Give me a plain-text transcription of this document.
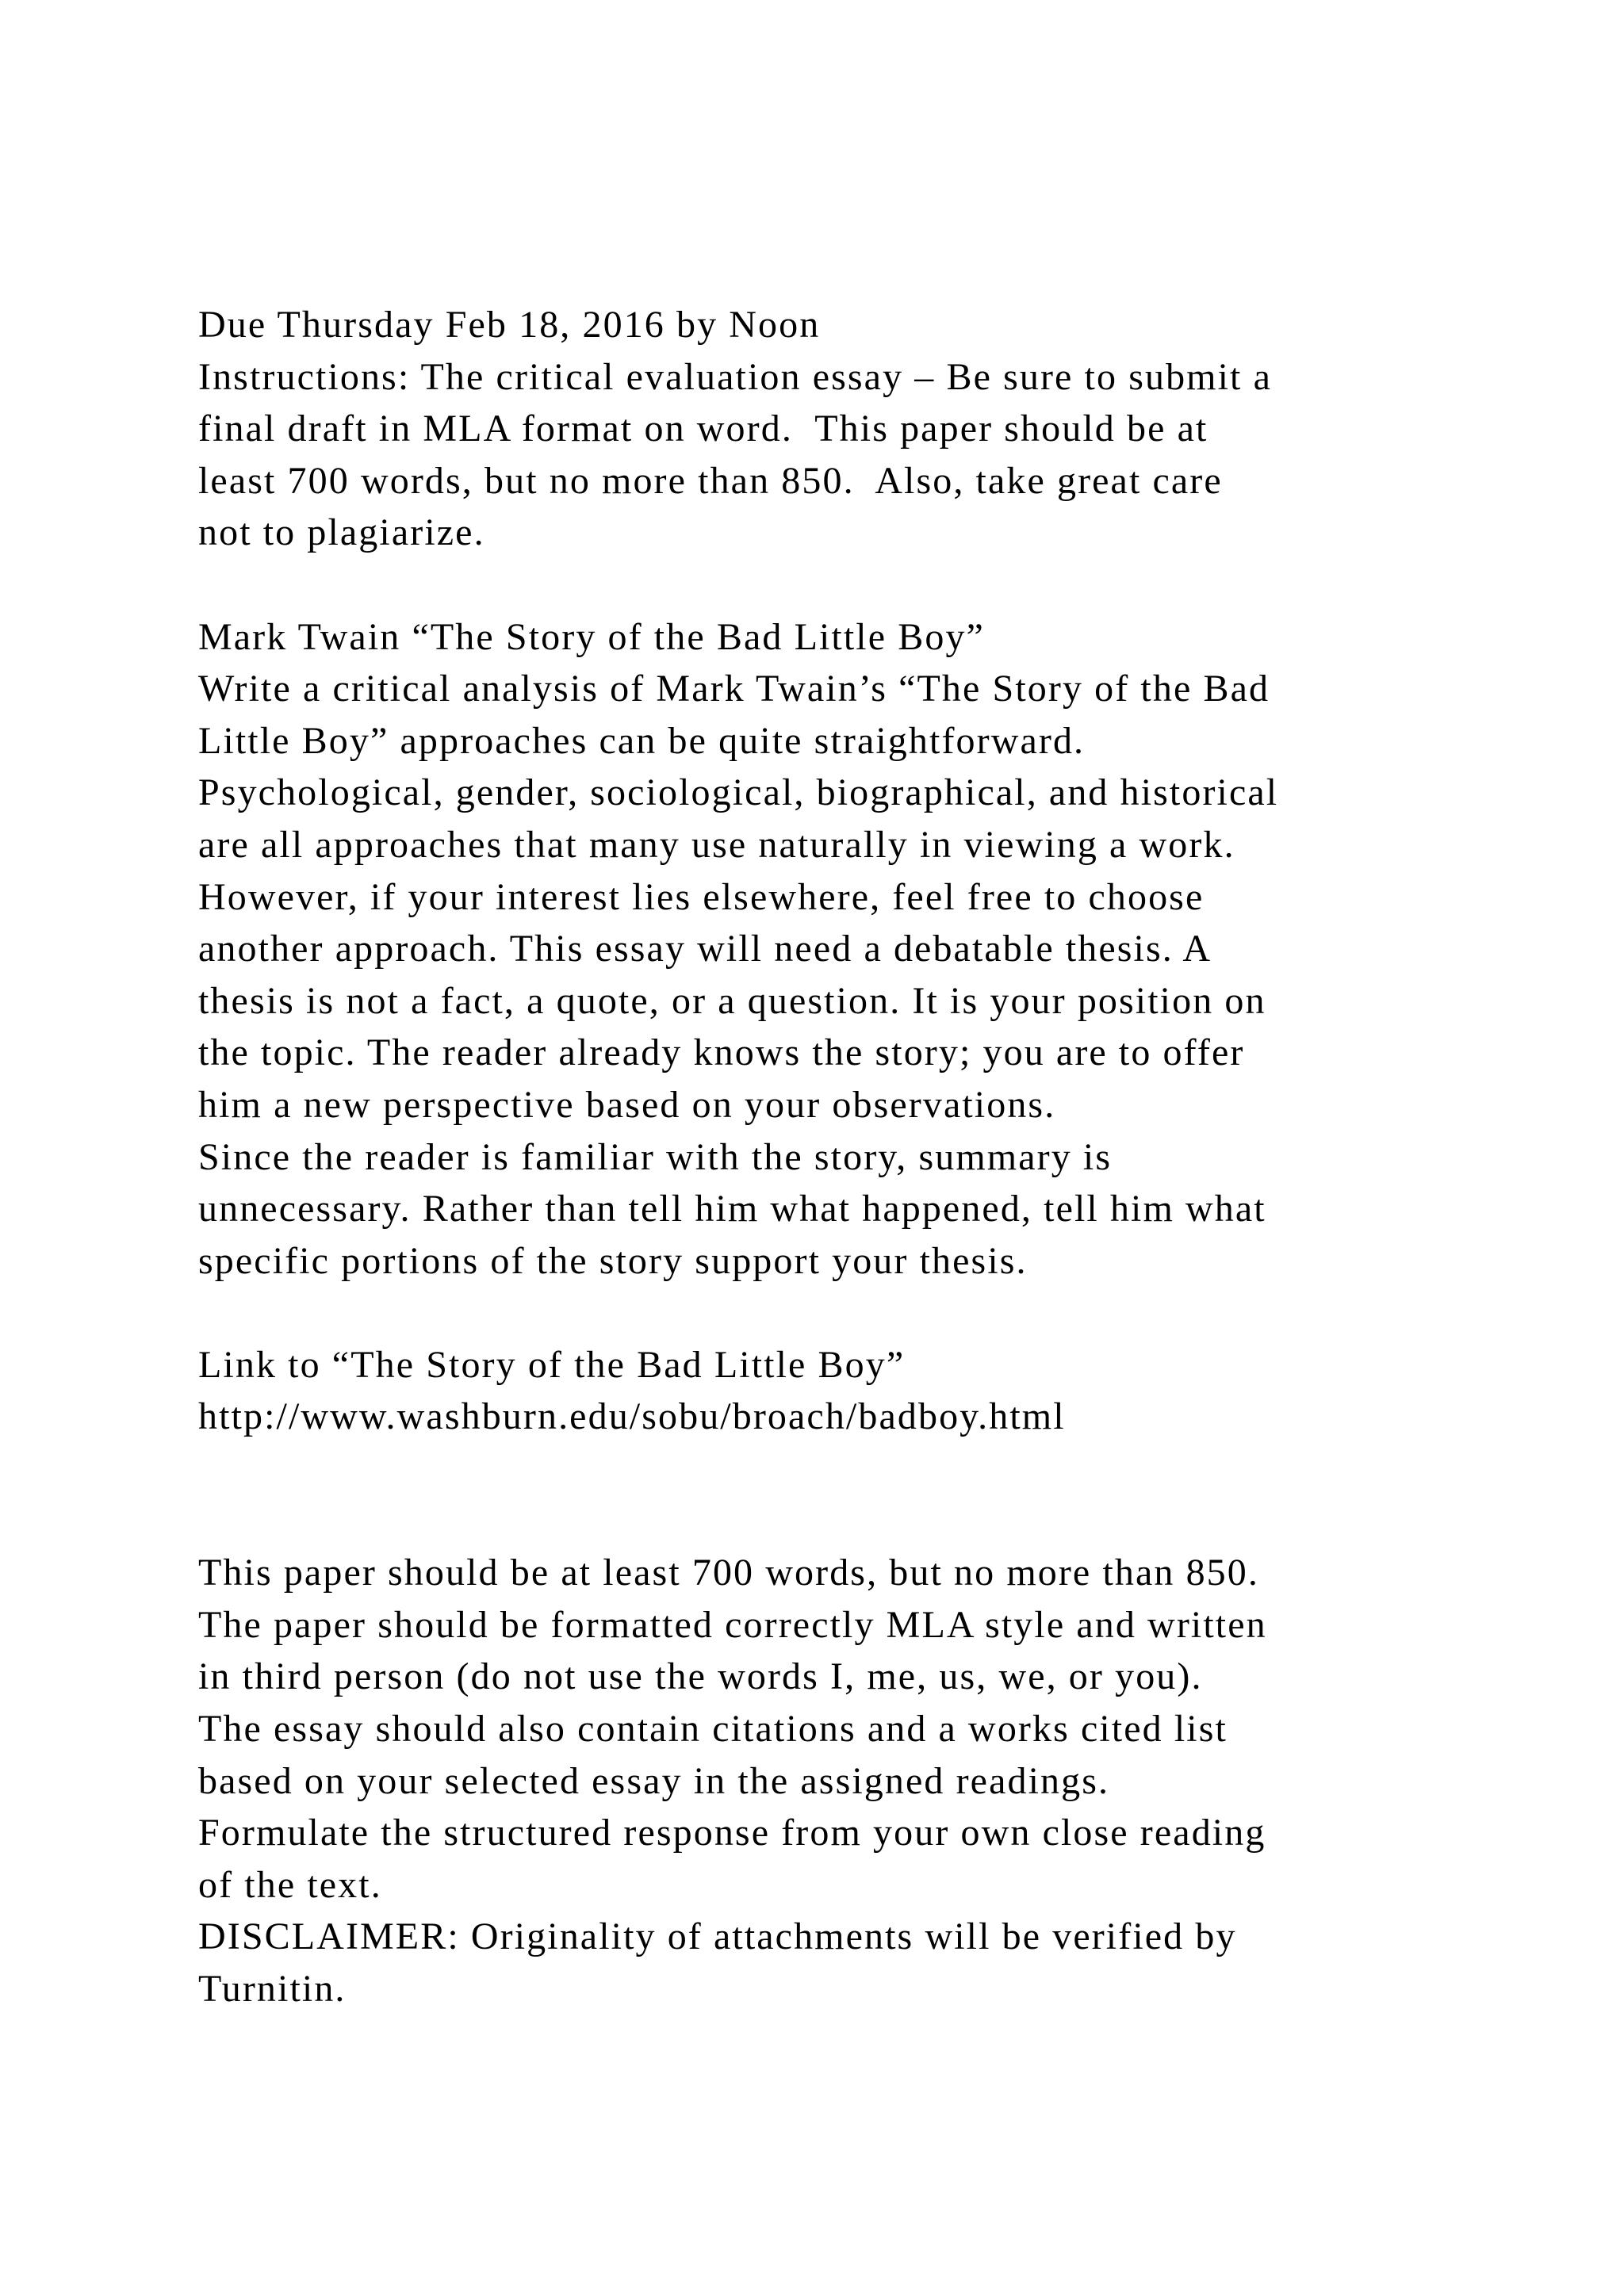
Due Thursday Feb 18, 2016 by Noon
Instructions: The critical evaluation essay – Be sure to submit a
final draft in MLA format on word.  This paper should be at
least 700 words, but no more than 850.  Also, take great care
not to plagiarize.
Mark Twain “The Story of the Bad Little Boy”
Write a critical analysis of Mark Twain’s “The Story of the Bad
Little Boy” approaches can be quite straightforward.
Psychological, gender, sociological, biographical, and historical
are all approaches that many use naturally in viewing a work.
However, if your interest lies elsewhere, feel free to choose
another approach. This essay will need a debatable thesis. A
thesis is not a fact, a quote, or a question. It is your position on
the topic. The reader already knows the story; you are to offer
him a new perspective based on your observations.
Since the reader is familiar with the story, summary is
unnecessary. Rather than tell him what happened, tell him what
specific portions of the story support your thesis.
Link to “The Story of the Bad Little Boy”
http://www.washburn.edu/sobu/broach/badboy.html
This paper should be at least 700 words, but no more than 850.
The paper should be formatted correctly MLA style and written
in third person (do not use the words I, me, us, we, or you).
The essay should also contain citations and a works cited list
based on your selected essay in the assigned readings.
Formulate the structured response from your own close reading
of the text.
DISCLAIMER: Originality of attachments will be verified by
Turnitin.
